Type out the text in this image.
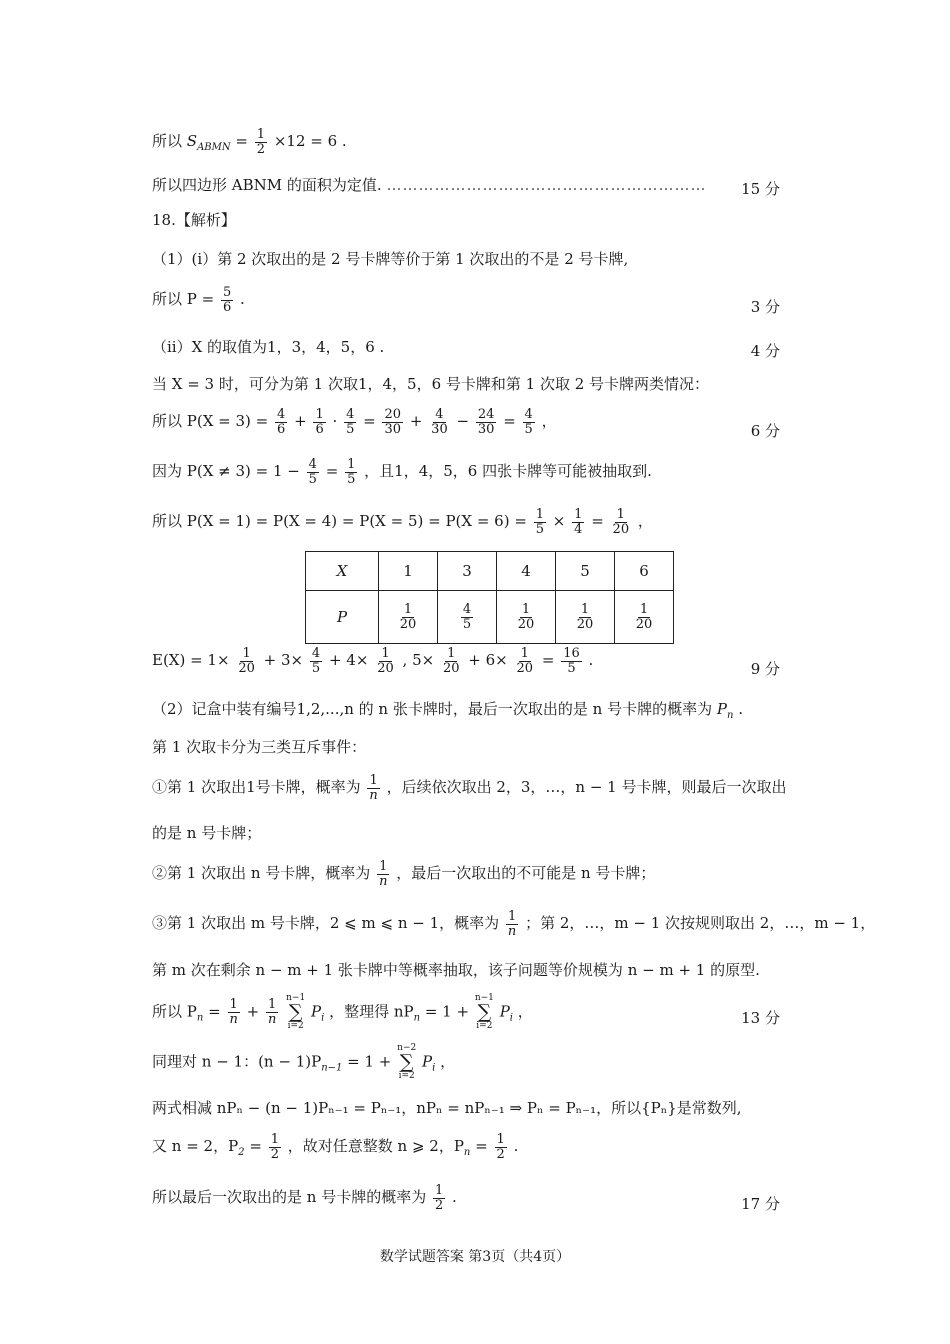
所以 $S_{ABMN} = \frac{1}{2} \times 12 = 6$ .
所以四边形 ABNM 的面积为定值. ……………………………………………………	15 分
18.【解析】
（1）(i）第 2 次取出的是 2 号卡牌等价于第 1 次取出的不是 2 号卡牌,
所以 $P = \frac{5}{6}$ .	3 分
（ii）X 的取值为1，3，4，5，6 .	4 分
当 X = 3 时，可分为第 1 次取1，4，5，6 号卡牌和第 1 次取 2 号卡牌两类情况：
所以 $P(X = 3) = \frac{4}{6} + \frac{1}{6} \cdot \frac{4}{5} = \frac{20}{30} + \frac{4}{30} - \frac{24}{30} = \frac{4}{5}$ ，
6 分
因为 $P(X \ne 3) = 1 - \frac{4}{5} = \frac{1}{5}$ ，且1，4，5，6 四张卡牌等可能被抽取到.
所以 $P(X = 1) = P(X = 4) = P(X = 5) = P(X = 6) = \frac{1}{5} \times \frac{1}{4} = \frac{1}{20}$ ，
X	1	3	4	5	6
P	$\frac{1}{20}$	$\frac{4}{5}$	$\frac{1}{20}$	$\frac{1}{20}$	$\frac{1}{20}$
$E(X) = 1\times \frac{1}{20} + 3\times \frac{4}{5} + 4\times \frac{1}{20}$ , $5\times \frac{1}{20} + 6\times \frac{1}{20} = \frac{16}{5}$ .	9 分
（2）记盒中装有编号1,2,...,n 的 n 张卡牌时，最后一次取出的是 n 号卡牌的概率为 $P_n$ .
第 1 次取卡分为三类互斥事件：
①第 1 次取出1号卡牌，概率为 $\frac{1}{n}$ ，后续依次取出 2，3，…，n − 1 号卡牌，则最后一次取出
的是 n 号卡牌；
②第 1 次取出 n 号卡牌，概率为 $\frac{1}{n}$ ，最后一次取出的不可能是 n 号卡牌；
③第 1 次取出 m 号卡牌，2 ⩽ m ⩽ n − 1，概率为 $\frac{1}{n}$ ；第 2，…，m − 1 次按规则取出 2，…，m − 1，
第 m 次在剩余 n − m + 1 张卡牌中等概率抽取，该子问题等价规模为 n − m + 1 的原型.
所以 $P_n = \frac{1}{n} + \frac{1}{n}$

n−1
∑
i=2
$P_i$ ，整理得 $nP_n = 1$ +
n−1
∑
i=2
$P_i$ ，	13 分
同理对 n − 1：$(n - 1)P_{n-1} = 1$ +
n−2
∑
i=2
$P_i$ ，
两式相减 nPₙ − (n − 1)Pₙ₋₁ = Pₙ₋₁，nPₙ = nPₙ₋₁ ⇒ Pₙ = Pₙ₋₁，所以{Pₙ}是常数列,
又 n = 2，$P_2 = \frac{1}{2}$ ，故对任意整数 n ⩾ 2，$P_n = \frac{1}{2}$ .
所以最后一次取出的是 n 号卡牌的概率为 $\frac{1}{2}$ .	17 分
数学试题答案 第3页（共4页）
